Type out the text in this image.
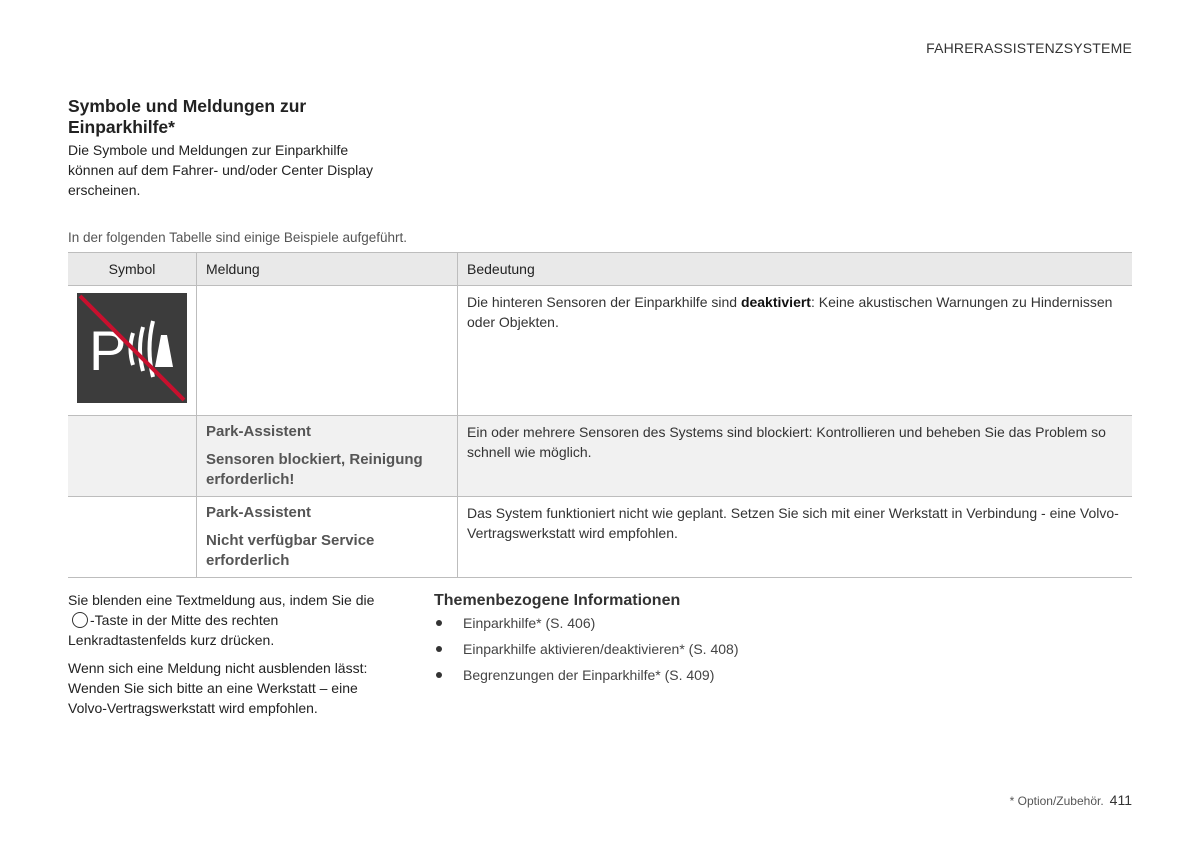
FAHRERASSISTENZSYSTEME
Symbole und Meldungen zur Einparkhilfe*
Die Symbole und Meldungen zur Einparkhilfe können auf dem Fahrer- und/oder Center Display erscheinen.
In der folgenden Tabelle sind einige Beispiele aufgeführt.
Symbol	Meldung	Bedeutung

P		Die hinteren Sensoren der Einparkhilfe sind deaktiviert: Keine akustischen Warnungen zu Hindernissen oder Objekten.

	Park-Assistent
Sensoren blockiert, Reinigung erforderlich!	Ein oder mehrere Sensoren des Systems sind blockiert: Kontrollieren und beheben Sie das Problem so schnell wie möglich.

	Park-Assistent
Nicht verfügbar Service erforderlich	Das System funktioniert nicht wie geplant. Setzen Sie sich mit einer Werkstatt in Verbindung - eine Volvo-Vertragswerkstatt wird empfohlen.

Sie blenden eine Textmeldung aus, indem Sie die
-Taste in der Mitte des rechten Lenkradtastenfelds kurz drücken.

Wenn sich eine Meldung nicht ausblenden lässt: Wenden Sie sich bitte an eine Werkstatt – eine Volvo-Vertragswerkstatt wird empfohlen.

Themenbezogene Informationen
Einparkhilfe* (S. 406)
Einparkhilfe aktivieren/deaktivieren* (S. 408)
Begrenzungen der Einparkhilfe* (S. 409)
* Option/Zubehör. 411
